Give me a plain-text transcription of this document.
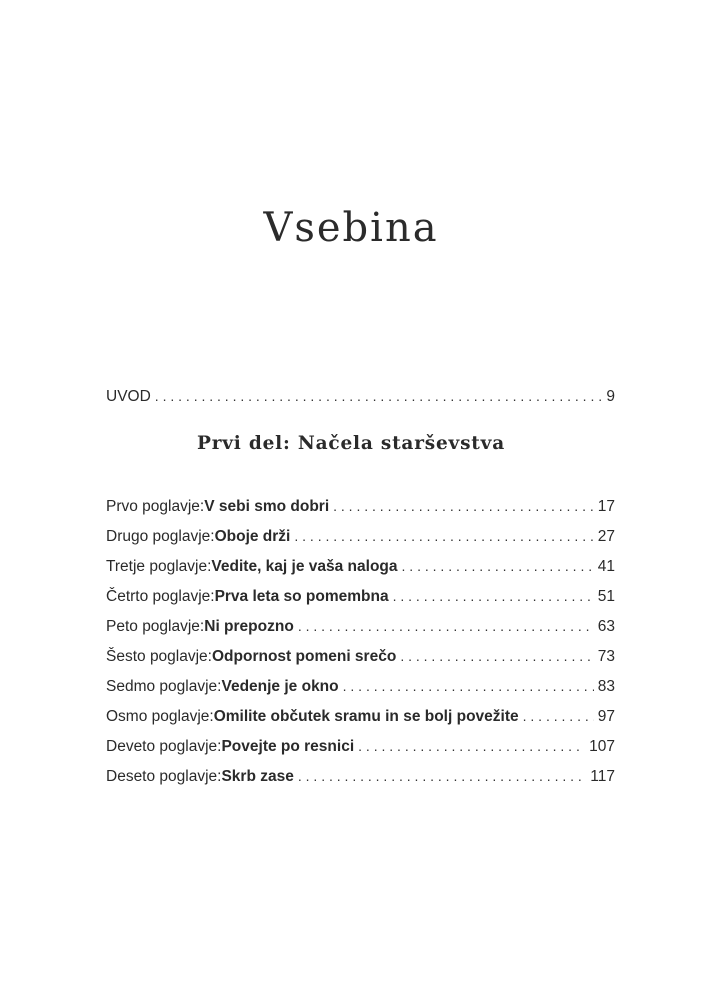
Vsebina
UVOD . . .	9
Prvi del: Načela starševstva
Prvo poglavje: V sebi smo dobri . . .	17
Drugo poglavje: Oboje drži . . .	27
Tretje poglavje: Vedite, kaj je vaša naloga . . .	41
Četrto poglavje: Prva leta so pomembna . . .	51
Peto poglavje: Ni prepozno . . .	63
Šesto poglavje: Odpornost pomeni srečo . . .	73
Sedmo poglavje: Vedenje je okno . . .	83
Osmo poglavje: Omilite občutek sramu in se bolj povežite . . .	97
Deveto poglavje: Povejte po resnici . . .	107
Deseto poglavje: Skrb zase . . .	117
